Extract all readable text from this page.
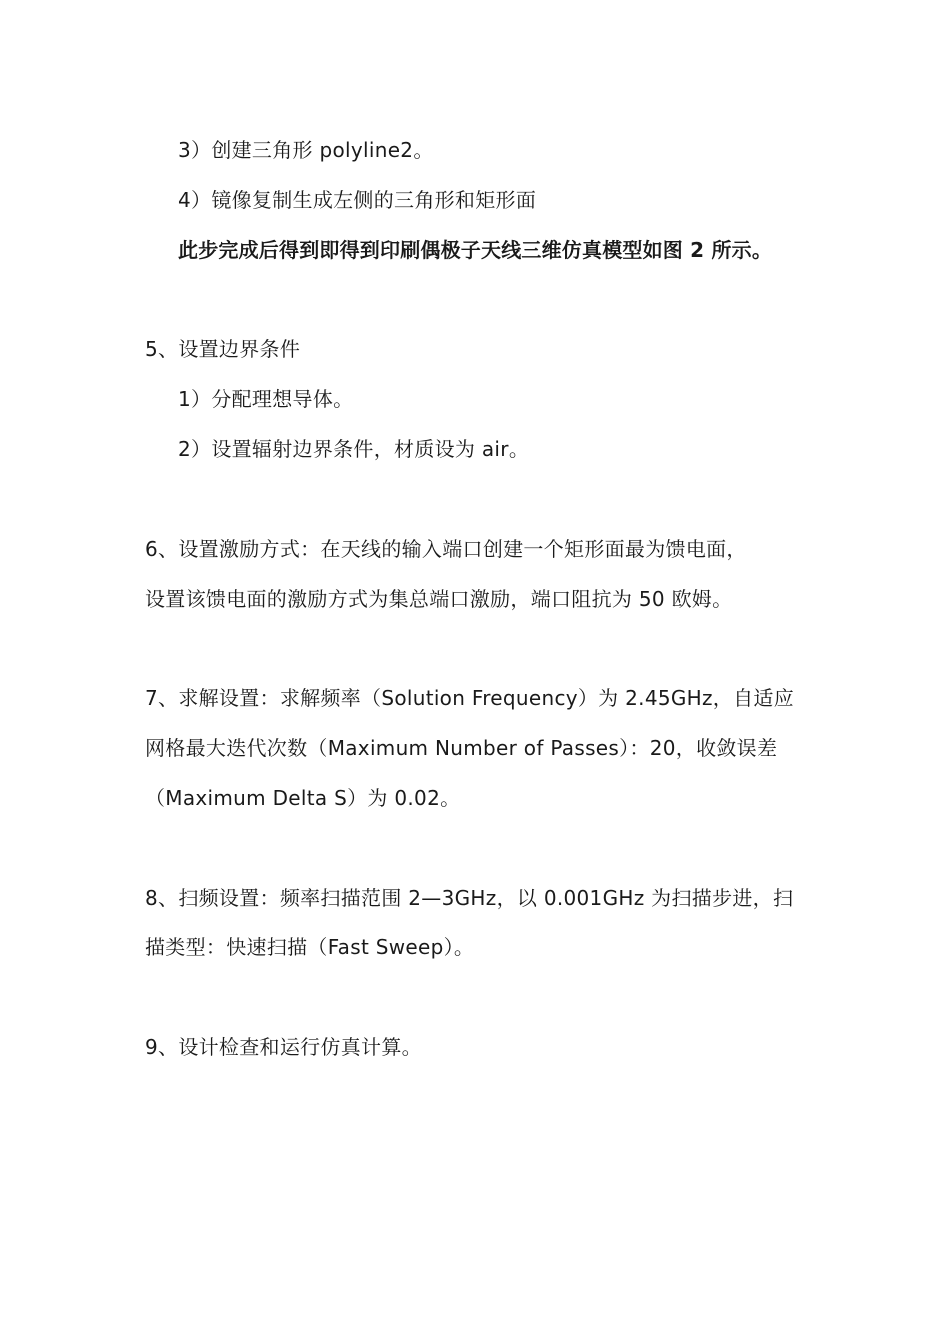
3）创建三角形 polyline2。
4）镜像复制生成左侧的三角形和矩形面
此步完成后得到即得到印刷偶极子天线三维仿真模型如图 2 所示。
5、设置边界条件
1）分配理想导体。
2）设置辐射边界条件，材质设为 air。
6、设置激励方式：在天线的输入端口创建一个矩形面最为馈电面，
设置该馈电面的激励方式为集总端口激励，端口阻抗为 50 欧姆。
7、求解设置：求解频率（Solution Frequency）为 2.45GHz，自适应
网格最大迭代次数（Maximum Number of Passes）：20，收敛误差
（Maximum Delta S）为 0.02。
8、扫频设置：频率扫描范围 2—3GHz，以 0.001GHz 为扫描步进，扫
描类型：快速扫描（Fast Sweep）。
9、设计检查和运行仿真计算。
